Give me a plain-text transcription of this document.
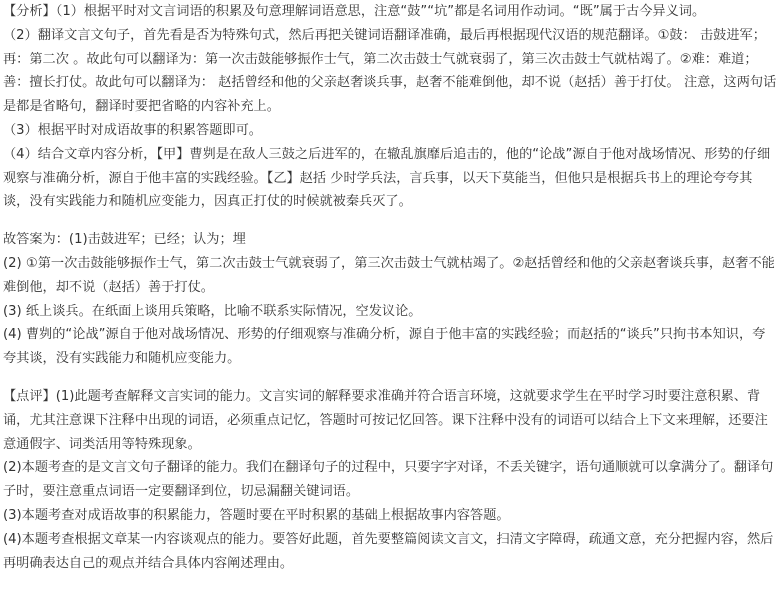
【分析】（1）根据平时对文言词语的积累及句意理解词语意思，注意“鼓”“坑”都是名词用作动词。“既”属于古今异义词。

（2）翻译文言文句子，首先看是否为特殊句式，然后再把关键词语翻译准确，最后再根据现代汉语的规范翻译。①鼓： 击鼓进军；再：第二次 。故此句可以翻译为：第一次击鼓能够振作士气，第二次击鼓士气就衰弱了，第三次击鼓士气就枯竭了。②难：难道；善：擅长打仗。故此句可以翻译为： 赵括曾经和他的父亲赵奢谈兵事，赵奢不能难倒他，却不说（赵括）善于打仗。 注意，这两句话是都是省略句，翻译时要把省略的内容补充上。

（3）根据平时对成语故事的积累答题即可。

（4）结合文章内容分析，【甲】曹刿是在敌人三鼓之后进军的，在辙乱旗靡后追击的，他的“论战”源自于他对战场情况、形势的仔细观察与准确分析，源自于他丰富的实践经验。【乙】赵括 少时学兵法，言兵事，以天下莫能当，但他只是根据兵书上的理论夸夸其谈，没有实践能力和随机应变能力，因真正打仗的时候就被秦兵灭了。

故答案为：(1)击鼓进军；已经；认为；埋

(2) ①第一次击鼓能够振作士气，第二次击鼓士气就衰弱了，第三次击鼓士气就枯竭了。②赵括曾经和他的父亲赵奢谈兵事，赵奢不能难倒他，却不说（赵括）善于打仗。

(3) 纸上谈兵。在纸面上谈用兵策略，比喻不联系实际情况，空发议论。

(4) 曹刿的“论战”源自于他对战场情况、形势的仔细观察与准确分析，源自于他丰富的实践经验；而赵括的“谈兵”只拘书本知识，夸夸其谈，没有实践能力和随机应变能力。

【点评】(1)此题考查解释文言实词的能力。文言实词的解释要求准确并符合语言环境，这就要求学生在平时学习时要注意积累、背诵，尤其注意课下注释中出现的词语，必须重点记忆，答题时可按记忆回答。课下注释中没有的词语可以结合上下文来理解，还要注意通假字、词类活用等特殊现象。

(2)本题考查的是文言文句子翻译的能力。我们在翻译句子的过程中，只要字字对译，不丢关键字，语句通顺就可以拿满分了。翻译句子时，要注意重点词语一定要翻译到位，切忌漏翻关键词语。

(3)本题考查对成语故事的积累能力，答题时要在平时积累的基础上根据故事内容答题。

(4)本题考查根据文章某一内容谈观点的能力。要答好此题，首先要整篇阅读文言文，扫清文字障碍，疏通文意，充分把握内容，然后再明确表达自己的观点并结合具体内容阐述理由。
